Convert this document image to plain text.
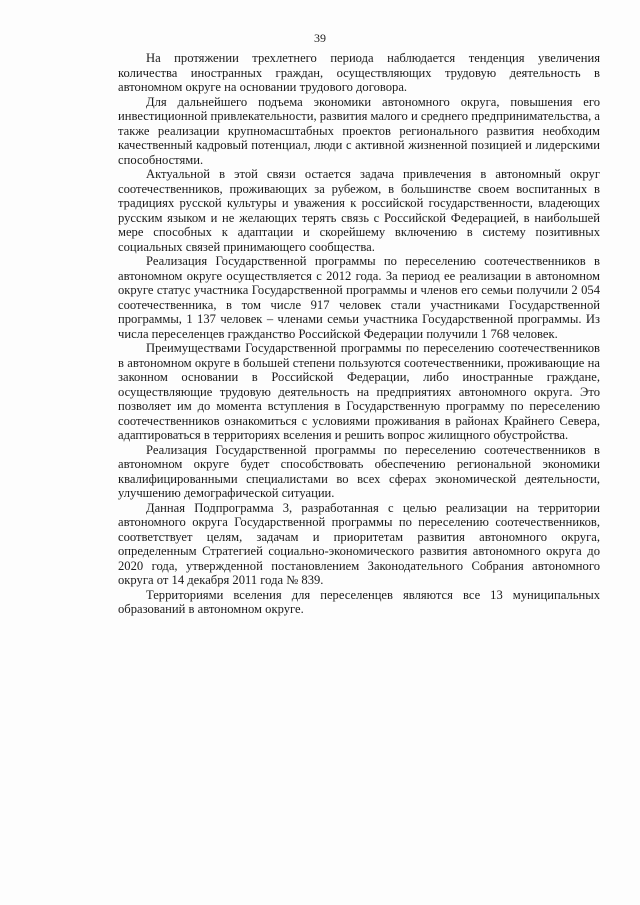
39

На протяжении трехлетнего периода наблюдается тенденция увеличения количества иностранных граждан, осуществляющих трудовую деятельность в автономном округе на основании трудового договора.

Для дальнейшего подъема экономики автономного округа, повышения его инвестиционной привлекательности, развития малого и среднего предпринимательства, а также реализации крупномасштабных проектов регионального развития необходим качественный кадровый потенциал, люди с активной жизненной позицией и лидерскими способностями.

Актуальной в этой связи остается задача привлечения в автономный округ соотечественников, проживающих за рубежом, в большинстве своем воспитанных в традициях русской культуры и уважения к российской государственности, владеющих русским языком и не желающих терять связь с Российской Федерацией, в наибольшей мере способных к адаптации и скорейшему включению в систему позитивных социальных связей принимающего сообщества.

Реализация Государственной программы по переселению соотечественников в автономном округе осуществляется с 2012 года. За период ее реализации в автономном округе статус участника Государственной программы и членов его семьи получили 2 054 соотечественника, в том числе 917 человек стали участниками Государственной программы, 1 137 человек – членами семьи участника Государственной программы. Из числа переселенцев гражданство Российской Федерации получили 1 768 человек.

Преимуществами Государственной программы по переселению соотечественников в автономном округе в большей степени пользуются соотечественники, проживающие на законном основании в Российской Федерации, либо иностранные граждане, осуществляющие трудовую деятельность на предприятиях автономного округа. Это позволяет им до момента вступления в Государственную программу по переселению соотечественников ознакомиться с условиями проживания в районах Крайнего Севера, адаптироваться в территориях вселения и решить вопрос жилищного обустройства.

Реализация Государственной программы по переселению соотечественников в автономном округе будет способствовать обеспечению региональной экономики квалифицированными специалистами во всех сферах экономической деятельности, улучшению демографической ситуации.

Данная Подпрограмма 3, разработанная с целью реализации на территории автономного округа Государственной программы по переселению соотечественников, соответствует целям, задачам и приоритетам развития автономного округа, определенным Стратегией социально-экономического развития автономного округа до 2020 года, утвержденной постановлением Законодательного Собрания автономного округа от 14 декабря 2011 года № 839.

Территориями вселения для переселенцев являются все 13 муниципальных образований в автономном округе.
